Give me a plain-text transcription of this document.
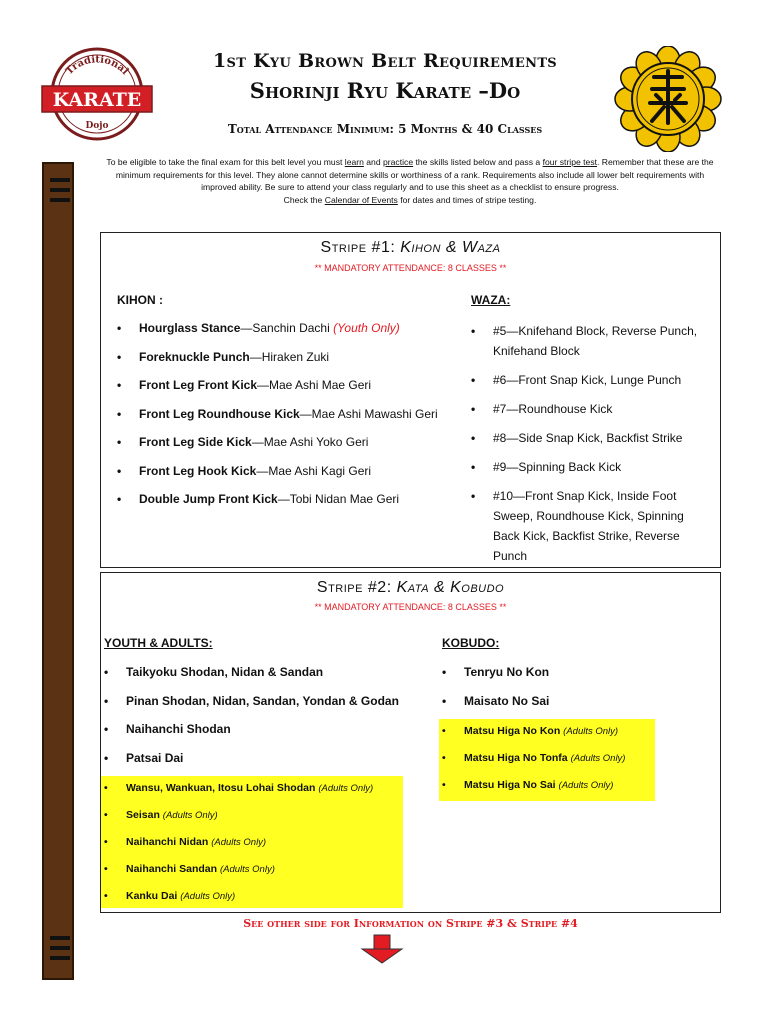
Traditional
KARATE
Dojo
1st Kyu Brown Belt Requirements
Shorinji Ryu Karate –Do
Total Attendance Minimum: 5 Months & 40 Classes
To be eligible to take the final exam for this belt level you must learn and practice the skills listed below and pass a four stripe test. Remember that these are the minimum requirements for this level. They alone cannot determine skills or worthiness of a rank. Requirements also include all lower belt requirements with improved ability. Be sure to attend your class regularly and to use this sheet as a checklist to ensure progress.
Check the Calendar of Events for dates and times of stripe testing.
Stripe #1: Kihon & Waza
** MANDATORY ATTENDANCE: 8 CLASSES **
KIHON :	WAZA:
• Hourglass Stance—Sanchin Dachi (Youth Only)
• Foreknuckle Punch—Hiraken Zuki
• Front Leg Front Kick—Mae Ashi Mae Geri
• Front Leg Roundhouse Kick—Mae Ashi Mawashi Geri
• Front Leg Side Kick—Mae Ashi Yoko Geri
• Front Leg Hook Kick—Mae Ashi Kagi Geri
• Double Jump Front Kick—Tobi Nidan Mae Geri
• #5—Knifehand Block, Reverse Punch, Knifehand Block
• #6—Front Snap Kick, Lunge Punch
• #7—Roundhouse Kick
• #8—Side Snap Kick, Backfist Strike
• #9—Spinning Back Kick
• #10—Front Snap Kick, Inside Foot Sweep, Roundhouse Kick, Spinning Back Kick, Backfist Strike, Reverse Punch
Stripe #2: Kata & Kobudo
** MANDATORY ATTENDANCE: 8 CLASSES **
YOUTH & ADULTS:	KOBUDO:
• Taikyoku Shodan, Nidan & Sandan
• Pinan Shodan, Nidan, Sandan, Yondan & Godan
• Naihanchi Shodan
• Patsai Dai
• Wansu, Wankuan, Itosu Lohai Shodan (Adults Only)
• Seisan (Adults Only)
• Naihanchi Nidan (Adults Only)
• Naihanchi Sandan (Adults Only)
• Kanku Dai (Adults Only)
• Tenryu No Kon
• Maisato No Sai
• Matsu Higa No Kon (Adults Only)
• Matsu Higa No Tonfa (Adults Only)
• Matsu Higa No Sai (Adults Only)
See other side for Information on Stripe #3 & Stripe #4
